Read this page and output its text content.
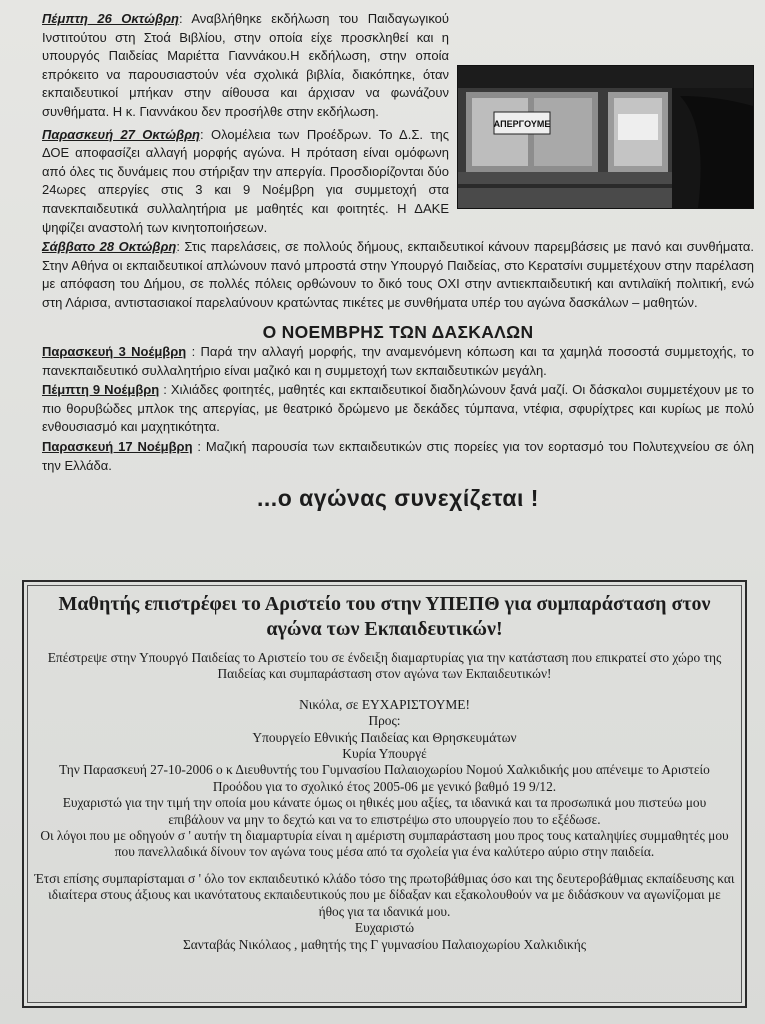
ΑΠΕΡΓΟΥΜΕ

Πέμπτη 26 Οκτώβρη: Αναβλήθηκε εκδήλωση του Παιδαγωγικού Ινστιτούτου στη Στοά Βιβλίου, στην οποία είχε προσκληθεί και η υπουργός Παιδείας Μαριέττα Γιαννάκου.Η εκδήλωση, στην οποία επρόκειτο να παρουσιαστούν νέα σχολικά βιβλία, διακόπηκε, όταν εκπαιδευτικοί μπήκαν στην αίθουσα και άρχισαν να φωνάζουν συνθήματα. Η κ. Γιαννάκου δεν προσήλθε στην εκδήλωση.

Παρασκευή 27 Οκτώβρη: Ολομέλεια των Προέδρων. Το Δ.Σ. της ΔΟΕ αποφασίζει αλλαγή μορφής αγώνα. Η πρόταση είναι ομόφωνη από όλες τις δυνάμεις που στήριξαν την απεργία. Προσδιορίζονται δύο 24ωρες απεργίες στις 3 και 9 Νοέμβρη για συμμετοχή στα πανεκπαιδευτικά συλλαλητήρια με μαθητές και φοιτητές. Η ΔΑΚΕ ψηφίζει αναστολή των κινητοποιήσεων.

Σάββατο 28 Οκτώβρη: Στις παρελάσεις, σε πολλούς δήμους, εκπαιδευτικοί κάνουν παρεμβάσεις με πανό και συνθήματα. Στην Αθήνα οι εκπαιδευτικοί απλώνουν πανό μπροστά στην Υπουργό Παιδείας, στο Κερατσίνι συμμετέχουν στην παρέλαση με απόφαση του Δήμου, σε πολλές πόλεις ορθώνουν το δικό τους ΟΧΙ στην αντιεκπαιδευτική και αντιλαϊκή πολιτική, ενώ στη Λάρισα, αντιστασιακοί παρελαύνουν κρατώντας πικέτες με συνθήματα υπέρ του αγώνα δασκάλων – μαθητών.

Ο ΝΟΕΜΒΡΗΣ ΤΩΝ ΔΑΣΚΑΛΩΝ

Παρασκευή 3 Νοέμβρη : Παρά την αλλαγή μορφής, την αναμενόμενη κόπωση και τα χαμηλά ποσοστά συμμετοχής, το πανεκπαιδευτικό συλλαλητήριο είναι μαζικό και η συμμετοχή των εκπαιδευτικών μεγάλη.

Πέμπτη 9 Νοέμβρη : Χιλιάδες φοιτητές, μαθητές και εκπαιδευτικοί διαδηλώνουν ξανά μαζί. Οι δάσκαλοι συμμετέχουν με το πιο θορυβώδες μπλοκ της απεργίας, με θεατρικό δρώμενο με δεκάδες τύμπανα, ντέφια, σφυρίχτρες και κυρίως με πολύ ενθουσιασμό και μαχητικότητα.

Παρασκευή 17 Νοέμβρη : Μαζική παρουσία των εκπαιδευτικών στις πορείες για τον εορτασμό του Πολυτεχνείου σε όλη την Ελλάδα.

...ο αγώνας συνεχίζεται !
Μαθητής επιστρέφει το Αριστείο του στην ΥΠΕΠΘ για συμπαράσταση στον αγώνα των Εκπαιδευτικών!

Επέστρεψε στην Υπουργό Παιδείας το Αριστείο του σε ένδειξη διαμαρτυρίας για την κατάσταση που επικρατεί στο χώρο της Παιδείας και συμπαράσταση στον αγώνα των Εκπαιδευτικών!

Νικόλα, σε ΕΥΧΑΡΙΣΤΟΥΜΕ!

Προς:

Υπουργείο Εθνικής Παιδείας και Θρησκευμάτων

Κυρία Υπουργέ

Την Παρασκευή 27-10-2006 ο κ Διευθυντής του Γυμνασίου Παλαιοχωρίου Νομού Χαλκιδικής μου απένειμε το Αριστείο Προόδου για το σχολικό έτος 2005-06 με γενικό βαθμό 19 9/12.

Ευχαριστώ για την τιμή την οποία μου κάνατε όμως οι ηθικές μου αξίες, τα ιδανικά και τα προσωπικά μου πιστεύω μου επιβάλουν να μην το δεχτώ και να το επιστρέψω στο υπουργείο που το εξέδωσε.

Οι λόγοι που με οδηγούν σ ' αυτήν τη διαμαρτυρία είναι η αμέριστη συμπαράσταση μου προς τους καταληψίες συμμαθητές μου που πανελλαδικά δίνουν τον αγώνα τους μέσα από τα σχολεία για ένα καλύτερο αύριο στην παιδεία.

Έτσι επίσης συμπαρίσταμαι σ ' όλο τον εκπαιδευτικό κλάδο τόσο της πρωτοβάθμιας όσο και της δευτεροβάθμιας εκπαίδευσης και ιδιαίτερα στους άξιους και ικανότατους εκπαιδευτικούς που με δίδαξαν και εξακολουθούν να με διδάσκουν να αγωνίζομαι με ήθος για τα ιδανικά μου.

Ευχαριστώ

Σανταβάς Νικόλαος , μαθητής της Γ γυμνασίου Παλαιοχωρίου Χαλκιδικής
